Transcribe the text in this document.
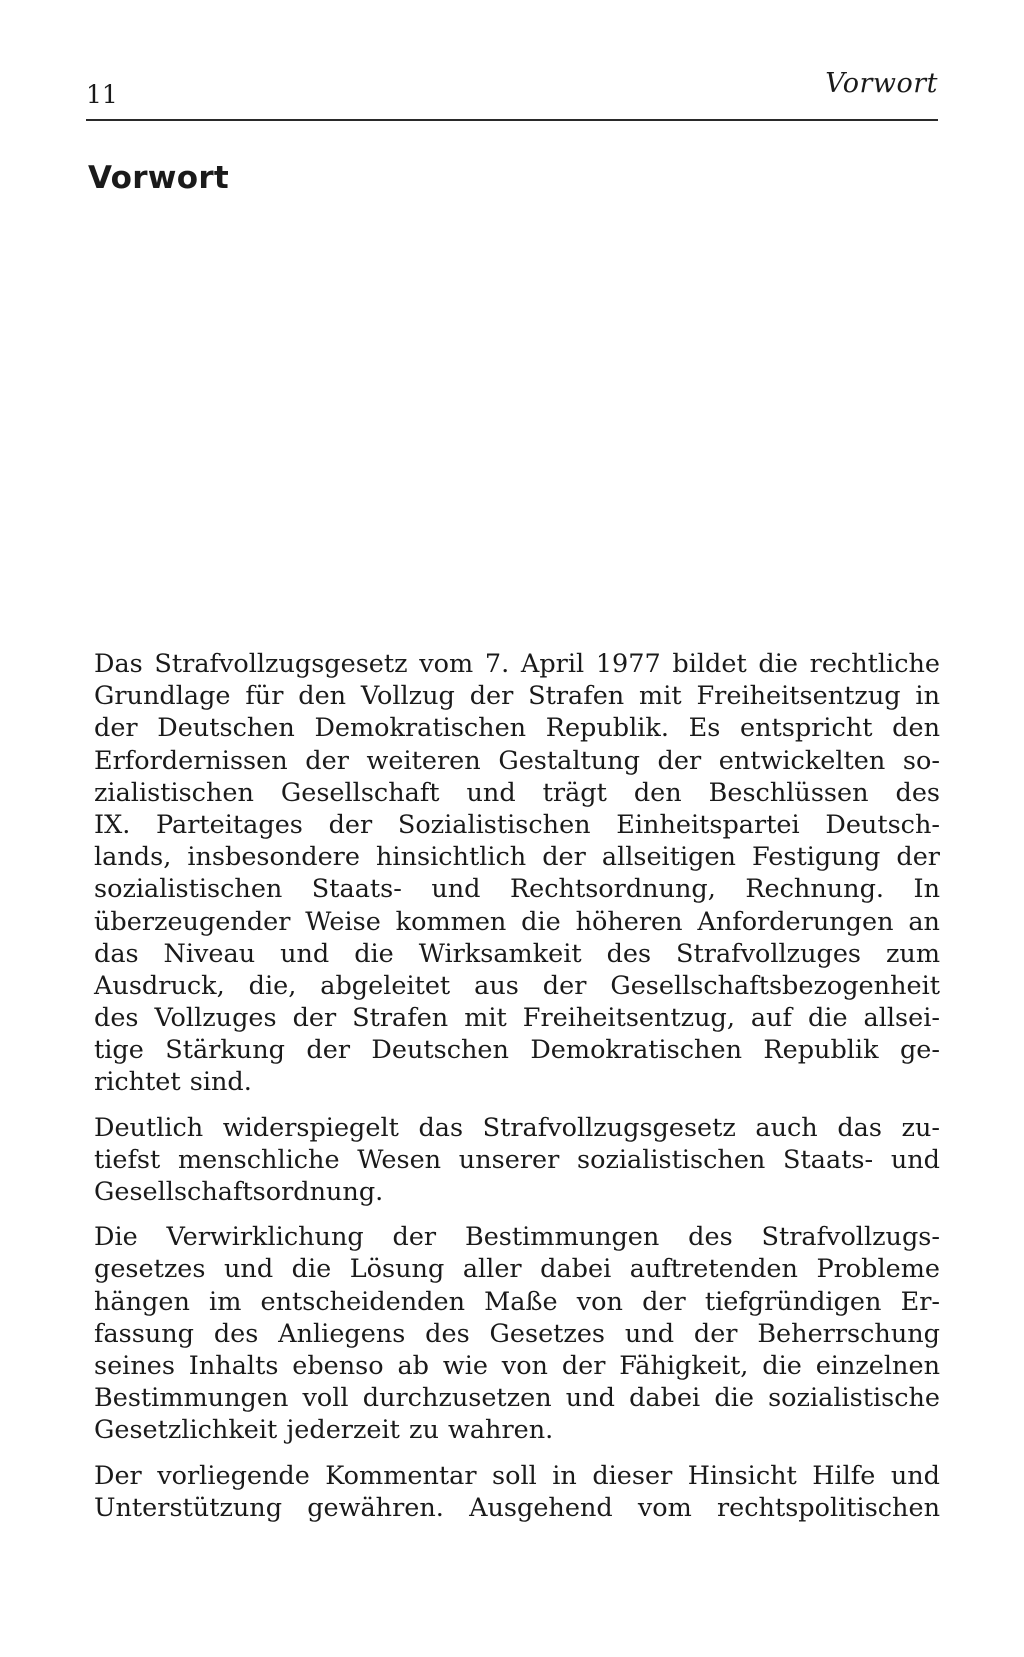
11	Vorwort
Vorwort

Das Strafvollzugsgesetz vom 7. April 1977 bildet die rechtliche
Grundlage für den Vollzug der Strafen mit Freiheitsentzug in
der Deutschen Demokratischen Republik. Es entspricht den
Erfordernissen der weiteren Gestaltung der entwickelten so-
zialistischen Gesellschaft und trägt den Beschlüssen des
IX. Parteitages der Sozialistischen Einheitspartei Deutsch-
lands, insbesondere hinsichtlich der allseitigen Festigung der
sozialistischen Staats- und Rechtsordnung, Rechnung. In
überzeugender Weise kommen die höheren Anforderungen an
das Niveau und die Wirksamkeit des Strafvollzuges zum
Ausdruck, die, abgeleitet aus der Gesellschaftsbezogenheit
des Vollzuges der Strafen mit Freiheitsentzug, auf die allsei-
tige Stärkung der Deutschen Demokratischen Republik ge-
richtet sind.

Deutlich widerspiegelt das Strafvollzugsgesetz auch das zu-
tiefst menschliche Wesen unserer sozialistischen Staats- und
Gesellschaftsordnung.

Die Verwirklichung der Bestimmungen des Strafvollzugs-
gesetzes und die Lösung aller dabei auftretenden Probleme
hängen im entscheidenden Maße von der tiefgründigen Er-
fassung des Anliegens des Gesetzes und der Beherrschung
seines Inhalts ebenso ab wie von der Fähigkeit, die einzelnen
Bestimmungen voll durchzusetzen und dabei die sozialistische
Gesetzlichkeit jederzeit zu wahren.

Der vorliegende Kommentar soll in dieser Hinsicht Hilfe und
Unterstützung gewähren. Ausgehend vom rechtspolitischen
